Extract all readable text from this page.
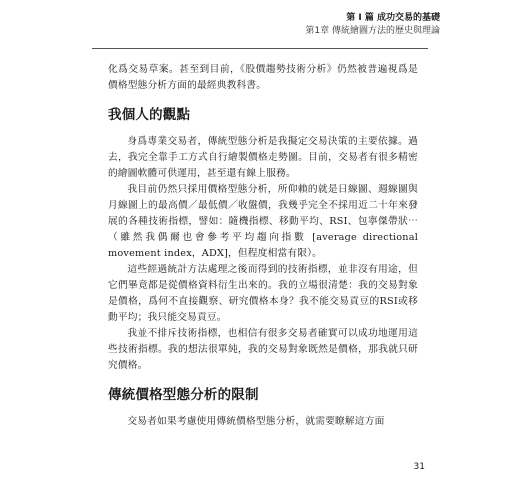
第 I 篇 成功交易的基礎
第1章 傳統繪圖方法的歷史與理論

化爲交易草案。甚至到目前，《股價趨勢技術分析》仍然被普遍視爲是價格型態分析方面的最經典教科書。

我個人的觀點

身爲專業交易者，傳統型態分析是我擬定交易決策的主要依據。過去，我完全靠手工方式自行繪製價格走勢圖。目前，交易者有很多精密的繪圖軟體可供運用，甚至還有線上服務。

我目前仍然只採用價格型態分析，所仰賴的就是日線圖、週線圖與月線圖上的最高價／最低價／收盤價，我幾乎完全不採用近二十年來發展的各種技術指標，譬如：隨機指標、移動平均、RSI、包寧傑帶狀⋯（雖然我偶爾也會參考平均趨向指數 [average directional movement index，ADX]，但程度相當有限）。

這些經過統計方法處理之後而得到的技術指標，並非沒有用途，但它們畢竟都是從價格資料衍生出來的。我的立場很清楚：我的交易對象是價格，爲何不直接觀察、研究價格本身？我不能交易貢豆的RSI或移動平均；我只能交易貢豆。

我並不排斥技術指標，也相信有很多交易者確實可以成功地運用這些技術指標。我的想法很單純，我的交易對象既然是價格，那我就只研究價格。

傳統價格型態分析的限制

交易者如果考慮使用傳統價格型態分析，就需要瞭解這方面

31
